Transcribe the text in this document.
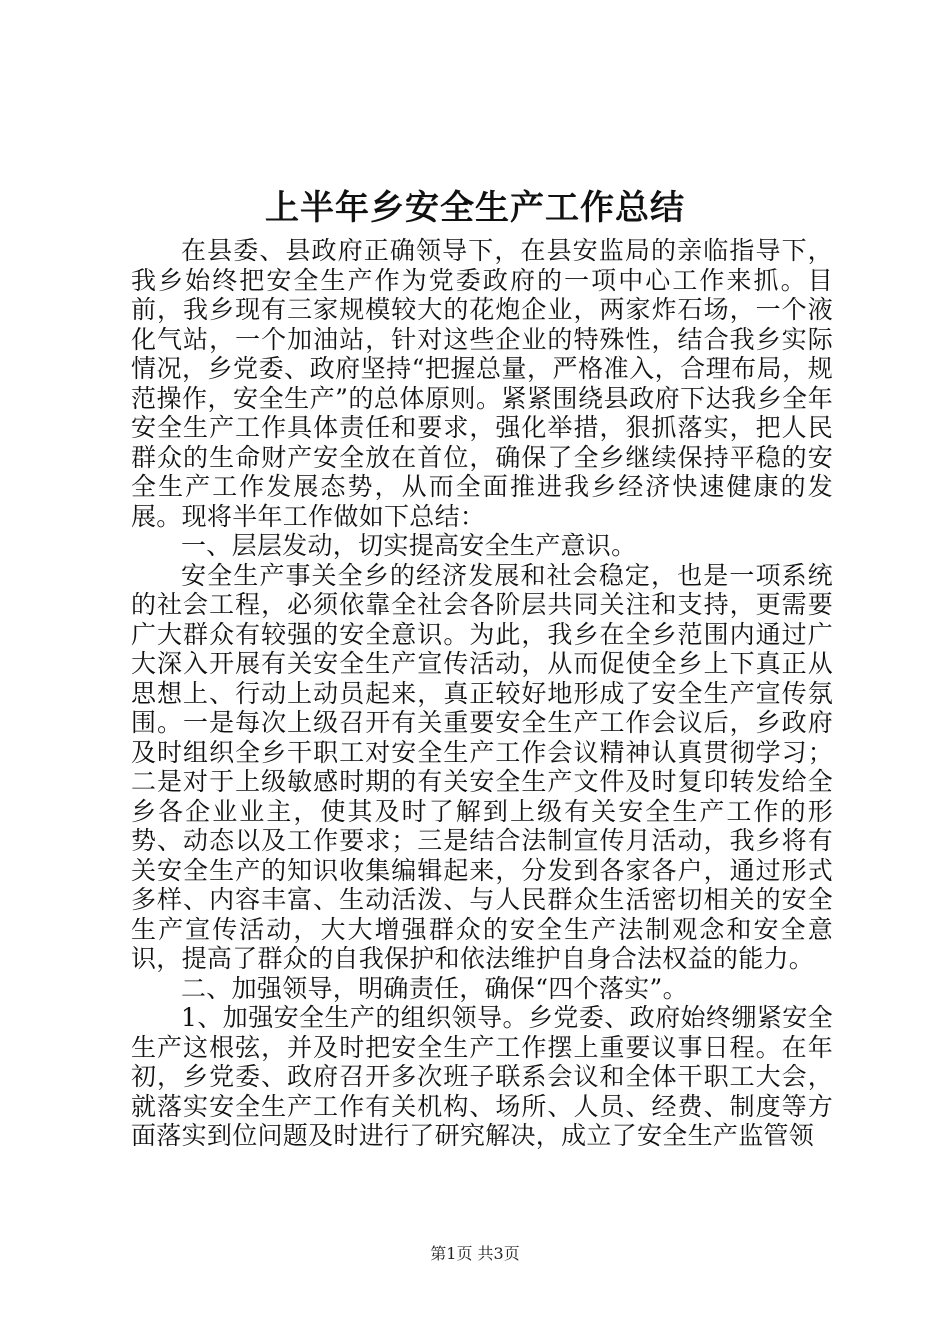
上半年乡安全生产工作总结

在县委、县政府正确领导下，在县安监局的亲临指导下，我乡始终把安全生产作为党委政府的一项中心工作来抓。目前，我乡现有三家规模较大的花炮企业，两家炸石场，一个液化气站，一个加油站，针对这些企业的特殊性，结合我乡实际情况，乡党委、政府坚持“把握总量，严格准入，合理布局，规范操作，安全生产”的总体原则。紧紧围绕县政府下达我乡全年安全生产工作具体责任和要求，强化举措，狠抓落实，把人民群众的生命财产安全放在首位，确保了全乡继续保持平稳的安全生产工作发展态势，从而全面推进我乡经济快速健康的发展。现将半年工作做如下总结：

一、层层发动，切实提高安全生产意识。

安全生产事关全乡的经济发展和社会稳定，也是一项系统的社会工程，必须依靠全社会各阶层共同关注和支持，更需要广大群众有较强的安全意识。为此，我乡在全乡范围内通过广大深入开展有关安全生产宣传活动，从而促使全乡上下真正从思想上、行动上动员起来，真正较好地形成了安全生产宣传氛围。一是每次上级召开有关重要安全生产工作会议后，乡政府及时组织全乡干职工对安全生产工作会议精神认真贯彻学习；二是对于上级敏感时期的有关安全生产文件及时复印转发给全乡各企业业主，使其及时了解到上级有关安全生产工作的形势、动态以及工作要求；三是结合法制宣传月活动，我乡将有关安全生产的知识收集编辑起来，分发到各家各户，通过形式多样、内容丰富、生动活泼、与人民群众生活密切相关的安全生产宣传活动，大大增强群众的安全生产法制观念和安全意识，提高了群众的自我保护和依法维护自身合法权益的能力。

二、加强领导，明确责任，确保“四个落实”。

1、加强安全生产的组织领导。乡党委、政府始终绷紧安全生产这根弦，并及时把安全生产工作摆上重要议事日程。在年初，乡党委、政府召开多次班子联系会议和全体干职工大会，就落实安全生产工作有关机构、场所、人员、经费、制度等方面落实到位问题及时进行了研究解决，成立了安全生产监管领

第1页 共3页
